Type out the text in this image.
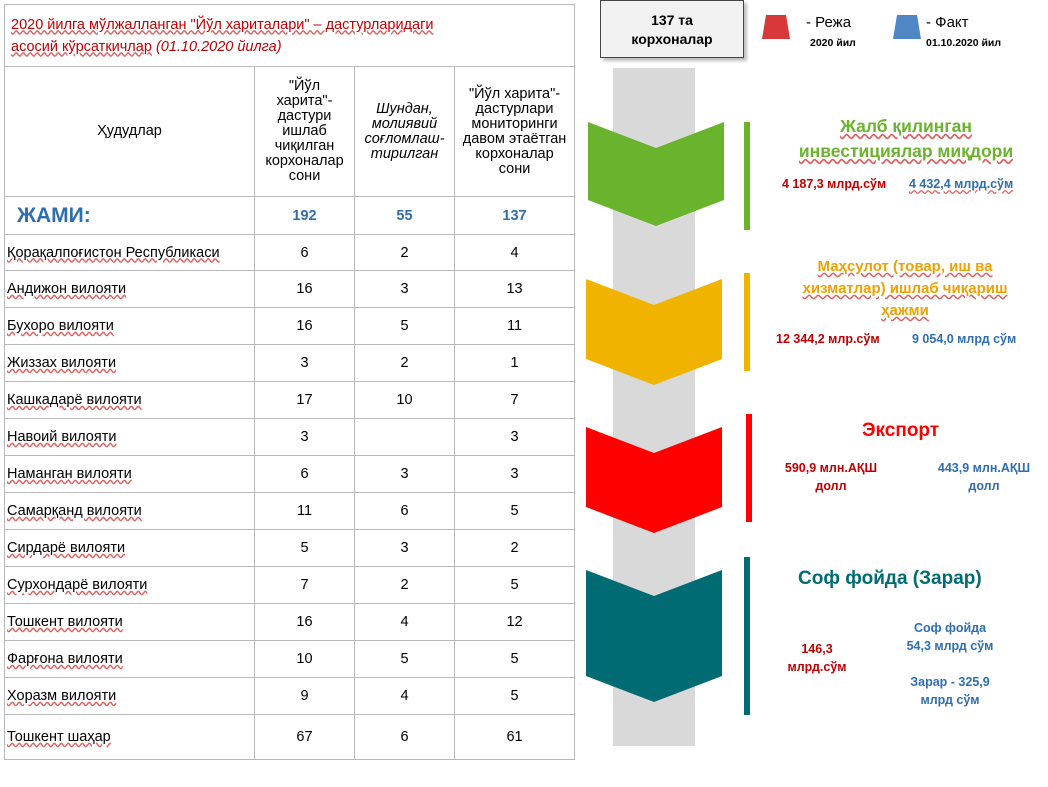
2020 йилга мўлжалланган "Йўл хариталари" – дастурларидаги
асосий кўрсаткичлар (01.10.2020 йилга)			
Ҳудудлар	"Йўл харита"-дастури ишлаб чиқилган корхоналар сони	Шундан, молиявий соғломлаш-тирилган	"Йўл харита"-дастурлари мониторинги давом этаётган корхоналар сони
ЖАМИ:	192	55	137
Қорақалпоғистон Республикаси	6	2	4
Андижон вилояти	16	3	13
Бухоро вилояти	16	5	11
Жиззах вилояти	3	2	1
Кашкадарё вилояти	17	10	7
Навоий вилояти	3		3
Наманган вилояти	6	3	3
Самарқанд вилояти	11	6	5
Сирдарё вилояти	5	3	2
Сурхондарё вилояти	7	2	5
Тошкент вилояти	16	4	12
Фарғона вилояти	10	5	5
Хоразм вилояти	9	4	5
Тошкент шаҳар	67	6	61
137 та
корхоналар
- Режа
2020 йил
- Факт
01.10.2020 йил
Жалб қилинган
инвестициялар миқдори
4 187,3 млрд.сўм 4 432,4 млрд.сўм
Маҳсулот (товар, иш ва
хизматлар) ишлаб чиқариш
ҳажми
12 344,2 млр.сўм	9 054,0 млрд сўм
Экспорт
590,9 млн.АҚШ
долл
443,9 млн.АҚШ
долл
Соф фойда (Зарар)
146,3
млрд.сўм
Соф фойда
54,3 млрд сўм
Зарар - 325,9
млрд сўм
